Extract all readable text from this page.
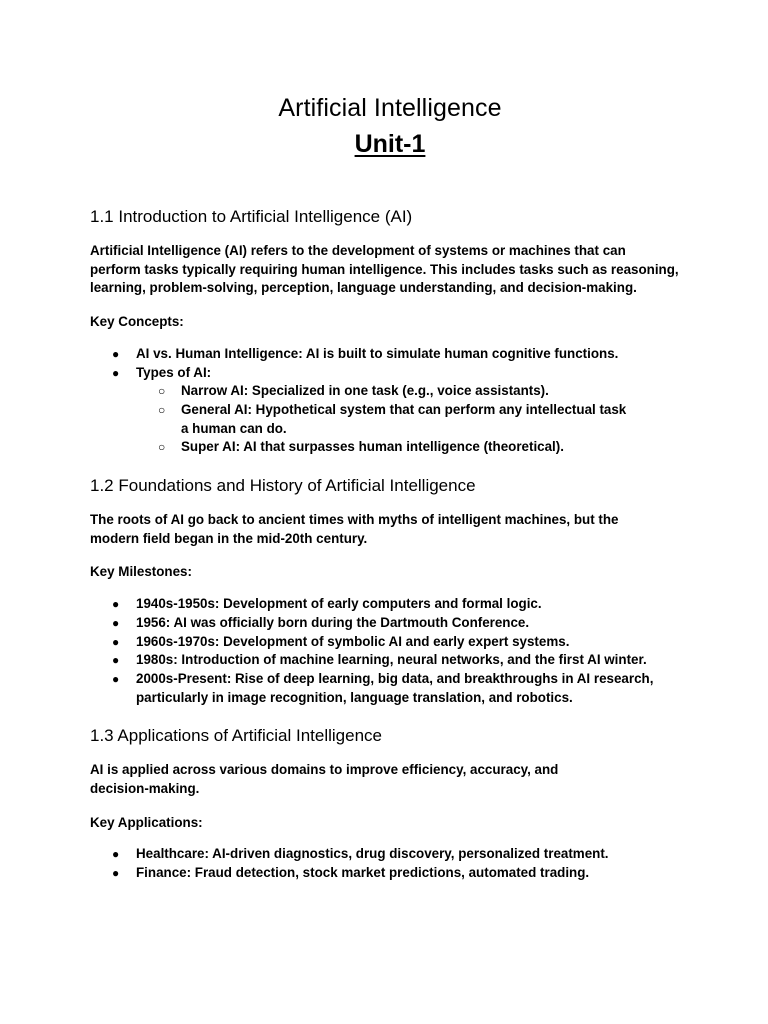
Artificial Intelligence
Unit-1
1.1 Introduction to Artificial Intelligence (AI)

Artificial Intelligence (AI) refers to the development of systems or machines that can perform tasks typically requiring human intelligence. This includes tasks such as reasoning, learning, problem-solving, perception, language understanding, and decision-making.

Key Concepts:

● AI vs. Human Intelligence: AI is built to simulate human cognitive functions.
● Types of AI:
○ Narrow AI: Specialized in one task (e.g., voice assistants).
○ General AI: Hypothetical system that can perform any intellectual task a human can do.
○ Super AI: AI that surpasses human intelligence (theoretical).
1.2 Foundations and History of Artificial Intelligence

The roots of AI go back to ancient times with myths of intelligent machines, but the modern field began in the mid-20th century.

Key Milestones:

● 1940s-1950s: Development of early computers and formal logic.
● 1956: AI was officially born during the Dartmouth Conference.
● 1960s-1970s: Development of symbolic AI and early expert systems.
● 1980s: Introduction of machine learning, neural networks, and the first AI winter.
● 2000s-Present: Rise of deep learning, big data, and breakthroughs in AI research, particularly in image recognition, language translation, and robotics.
1.3 Applications of Artificial Intelligence

AI is applied across various domains to improve efficiency, accuracy, and decision-making.

Key Applications:

● Healthcare: AI-driven diagnostics, drug discovery, personalized treatment.
● Finance: Fraud detection, stock market predictions, automated trading.
